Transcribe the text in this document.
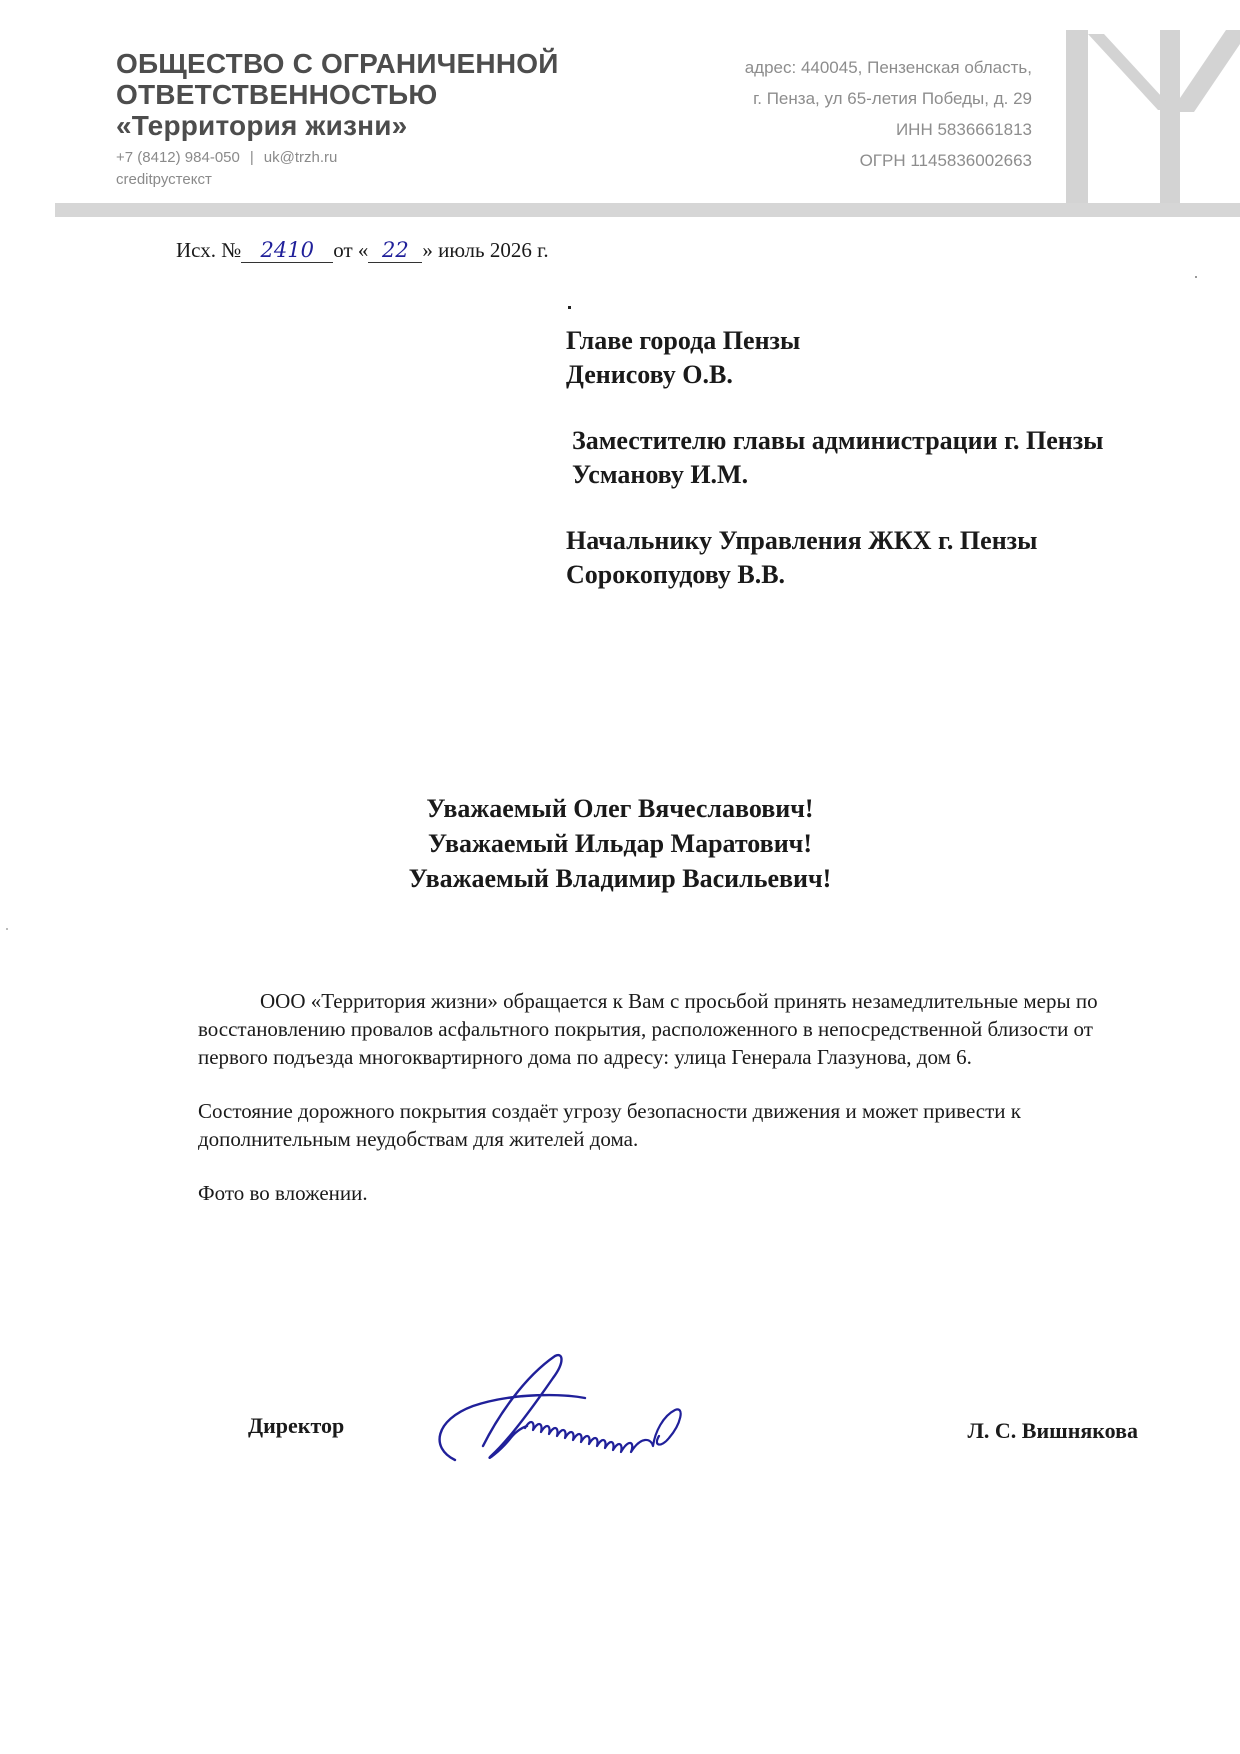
ОБЩЕСТВО С ОГРАНИЧЕННОЙ
ОТВЕТСТВЕННОСТЬЮ
«Территория жизни»
+7 (8412) 984-050 | uk@trzh.ru
creditрустекст
адрес: 440045, Пензенская область,
г. Пенза, ул 65-летия Победы, д. 29
ИНН 5836661813
ОГРН 1145836002663
Исх. № 2410 от « 22 » июль 2026 г.
Главе города Пензы
Денисову О.В.
Заместителю главы администрации г. Пензы
Усманову И.М.
Начальнику Управления ЖКХ г. Пензы
Сорокопудову В.В.
Уважаемый Олег Вячеславович!
Уважаемый Ильдар Маратович!
Уважаемый Владимир Васильевич!

ООО «Территория жизни» обращается к Вам с просьбой принять незамедлительные меры по восстановлению провалов асфальтного покрытия, расположенного в непосредственной близости от первого подъезда многоквартирного дома по адресу: улица Генерала Глазунова, дом 6.

Состояние дорожного покрытия создаёт угрозу безопасности движения и может привести к дополнительным неудобствам для жителей дома.

Фото во вложении.

Директор	Л. С. Вишнякова
